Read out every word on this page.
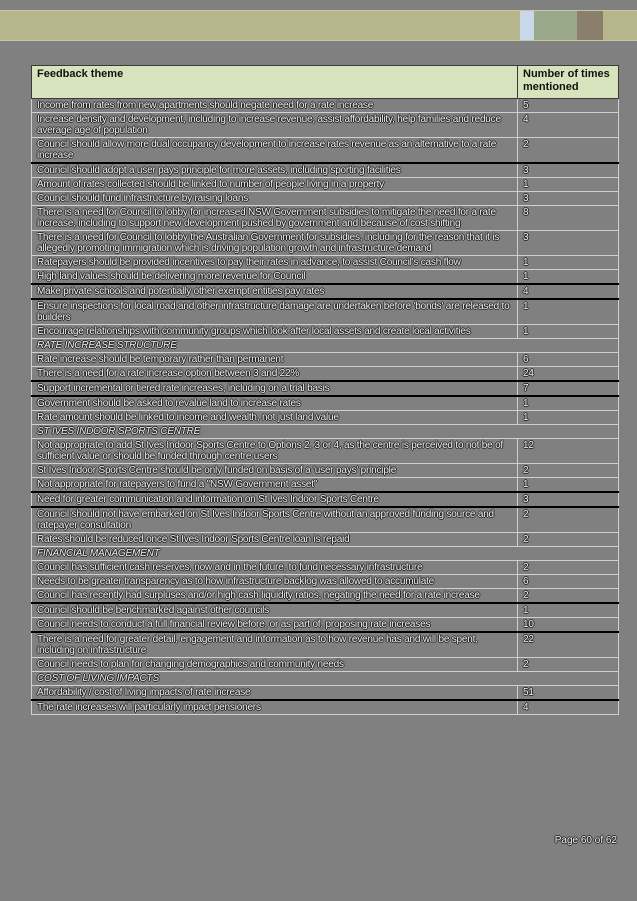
Feedback theme	Number of times mentioned
Income from rates from new apartments should negate need for a rate increase	5
Increase density and development, including to increase revenue, assist affordability, help families and reduce average age of population	4
Council should allow more dual occupancy development to increase rates revenue as an alternative to a rate increase	2
Council should adopt a user pays principle for more assets, including sporting facilities	3
Amount of rates collected should be linked to number of people living in a property	1
Council should fund infrastructure by raising loans	3
There is a need for Council to lobby for increased NSW Government subsidies to mitigate the need for a rate increase, including to support new development pushed by government and because of cost shifting	8
There is a need for Council to lobby the Australian Government for subsidies, including for the reason that it is allegedly promoting immigration which is driving population growth and infrastructure demand	3
Ratepayers should be provided incentives to pay their rates in advance, to assist Council's cash flow	1
High land values should be delivering more revenue for Council	1
Make private schools and potentially other exempt entities pay rates	4
Ensure inspections for local road and other infrastructure damage are undertaken before 'bonds' are released to builders	1
Encourage relationships with community groups which look after local assets and create local activities	1
RATE INCREASE STRUCTURE	
Rate increase should be temporary rather than permanent	6
There is a need for a rate increase option between 3 and 22%	24
Support incremental or tiered rate increases, including on a trial basis	7
Government should be asked to revalue land to increase rates	1
Rate amount should be linked to income and wealth, not just land value	1
ST IVES INDOOR SPORTS CENTRE	
Not appropriate to add St Ives Indoor Sports Centre to Options 2, 3 or 4, as the centre is perceived to not be of sufficient value or should be funded through centre users	12
St Ives Indoor Sports Centre should be only funded on basis of a 'user pays' principle	2
Not appropriate for ratepayers to fund a "NSW Government asset"	1
Need for greater communication and information on St Ives Indoor Sports Centre	3
Council should not have embarked on St Ives Indoor Sports Centre without an approved funding source and ratepayer consultation	2
Rates should be reduced once St Ives Indoor Sports Centre loan is repaid	2
FINANCIAL MANAGEMENT	
Council has sufficient cash reserves, now and in the future, to fund necessary infrastructure	2
Needs to be greater transparency as to how infrastructure backlog was allowed to accumulate	6
Council has recently had surpluses and/or high cash liquidity ratios, negating the need for a rate increase	2
Council should be benchmarked against other councils	1
Council needs to conduct a full financial review before, or as part of, proposing rate increases	10
There is a need for greater detail, engagement and information as to how revenue has and will be spent, including on infrastructure	22
Council needs to plan for changing demographics and community needs	2
COST OF LIVING IMPACTS	
Affordability / cost of living impacts of rate increase	51
The rate increases will particularly impact pensioners	4
Page 60 of 62
